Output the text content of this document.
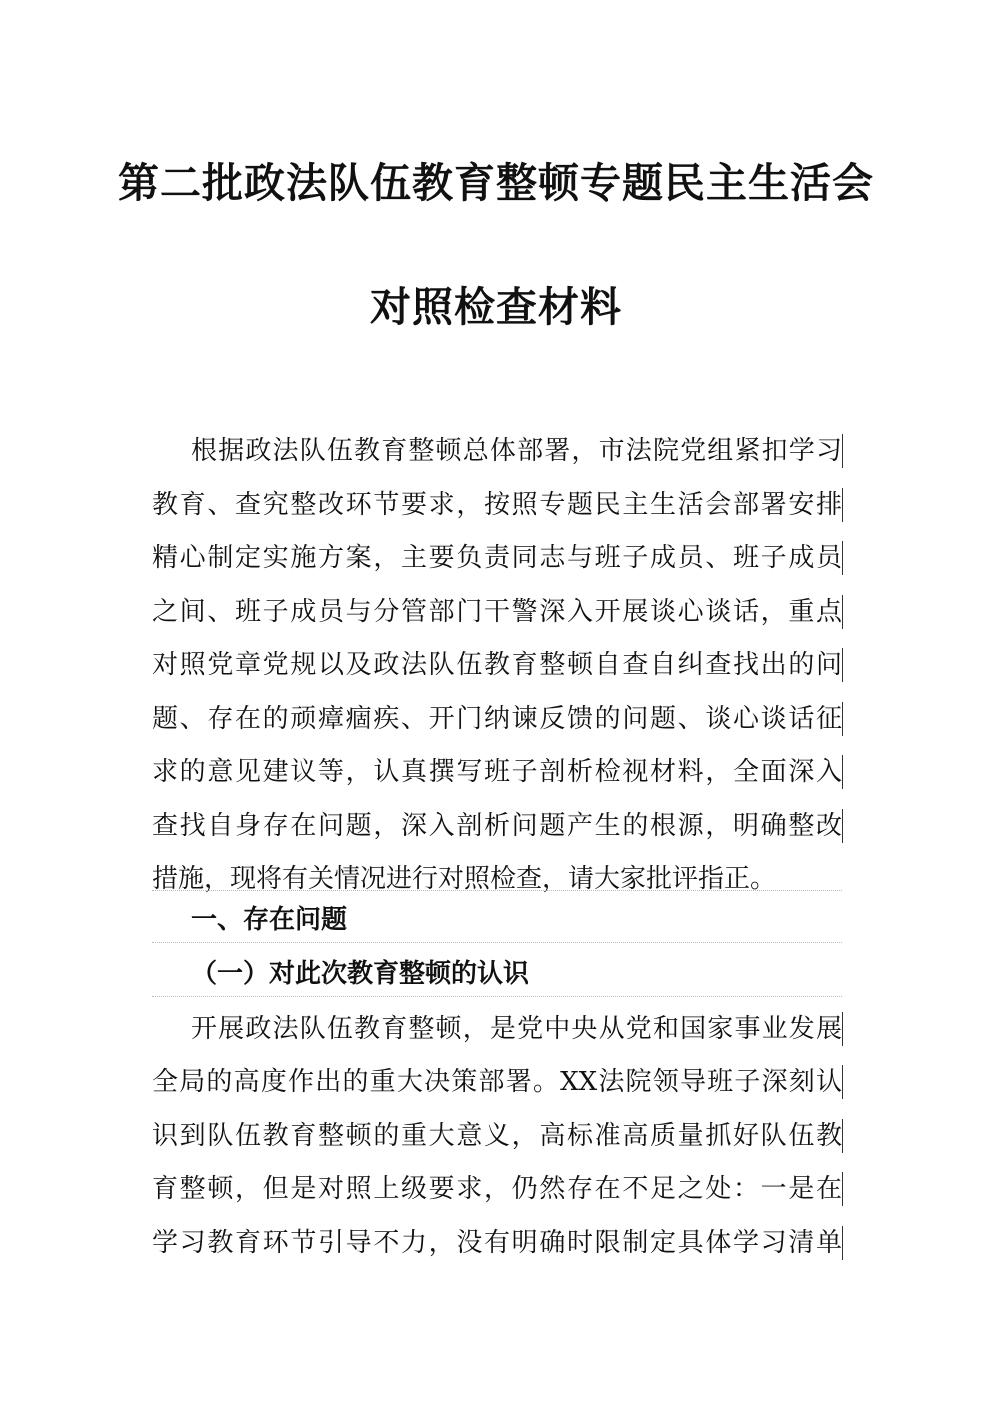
第二批政法队伍教育整顿专题民主生活会
对照检查材料
根据政法队伍教育整顿总体部署，市法院党组紧扣学习
教育、查究整改环节要求，按照专题民主生活会部署安排
精心制定实施方案，主要负责同志与班子成员、班子成员
之间、班子成员与分管部门干警深入开展谈心谈话，重点
对照党章党规以及政法队伍教育整顿自查自纠查找出的问
题、存在的顽瘴痼疾、开门纳谏反馈的问题、谈心谈话征
求的意见建议等，认真撰写班子剖析检视材料，全面深入
查找自身存在问题，深入剖析问题产生的根源，明确整改
措施，现将有关情况进行对照检查，请大家批评指正。
一、存在问题
（一）对此次教育整顿的认识
开展政法队伍教育整顿，是党中央从党和国家事业发展
全局的高度作出的重大决策部署。XX法院领导班子深刻认
识到队伍教育整顿的重大意义，高标准高质量抓好队伍教
育整顿，但是对照上级要求，仍然存在不足之处：一是在
学习教育环节引导不力，没有明确时限制定具体学习清单
